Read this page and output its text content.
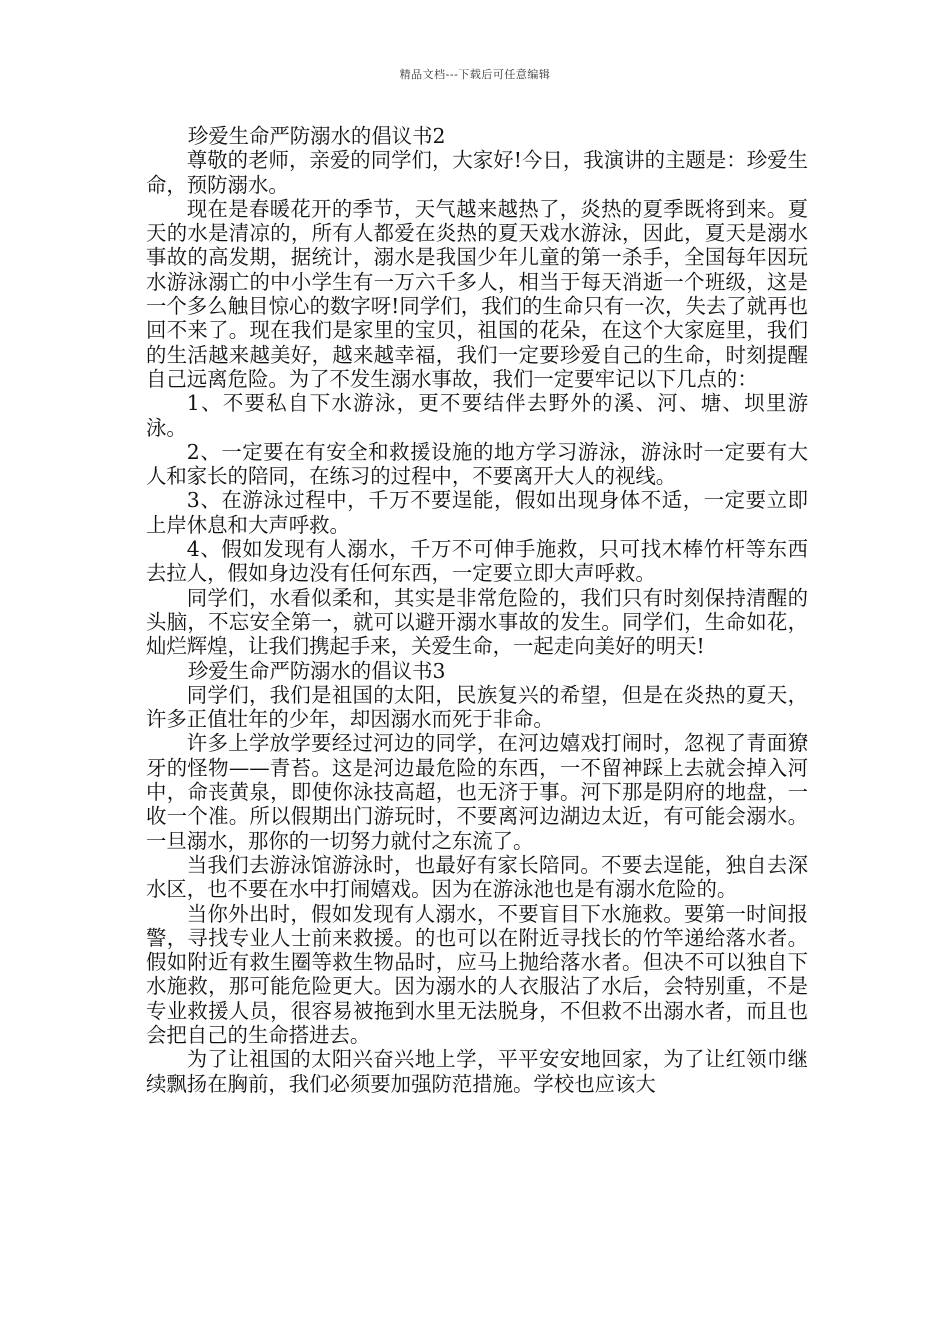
精品文档---下载后可任意编辑

珍爱生命严防溺水的倡议书2

尊敬的老师，亲爱的同学们，大家好!今日，我演讲的主题是：珍爱生命，预防溺水。

现在是春暖花开的季节，天气越来越热了，炎热的夏季既将到来。夏天的水是清凉的，所有人都爱在炎热的夏天戏水游泳，因此，夏天是溺水事故的高发期，据统计，溺水是我国少年儿童的第一杀手，全国每年因玩水游泳溺亡的中小学生有一万六千多人，相当于每天消逝一个班级，这是一个多么触目惊心的数字呀!同学们，我们的生命只有一次，失去了就再也回不来了。现在我们是家里的宝贝，祖国的花朵，在这个大家庭里，我们的生活越来越美好，越来越幸福，我们一定要珍爱自己的生命，时刻提醒自己远离危险。为了不发生溺水事故，我们一定要牢记以下几点的：

1、不要私自下水游泳，更不要结伴去野外的溪、河、塘、坝里游泳。

2、一定要在有安全和救援设施的地方学习游泳，游泳时一定要有大人和家长的陪同，在练习的过程中，不要离开大人的视线。

3、在游泳过程中，千万不要逞能，假如出现身体不适，一定要立即上岸休息和大声呼救。

4、假如发现有人溺水，千万不可伸手施救，只可找木棒竹杆等东西去拉人，假如身边没有任何东西，一定要立即大声呼救。

同学们，水看似柔和，其实是非常危险的，我们只有时刻保持清醒的头脑，不忘安全第一，就可以避开溺水事故的发生。同学们，生命如花，灿烂辉煌，让我们携起手来，关爱生命，一起走向美好的明天!

珍爱生命严防溺水的倡议书3

同学们，我们是祖国的太阳，民族复兴的希望，但是在炎热的夏天，许多正值壮年的少年，却因溺水而死于非命。

许多上学放学要经过河边的同学，在河边嬉戏打闹时，忽视了青面獠牙的怪物——青苔。这是河边最危险的东西，一不留神踩上去就会掉入河中，命丧黄泉，即使你泳技高超，也无济于事。河下那是阴府的地盘，一收一个准。所以假期出门游玩时，不要离河边湖边太近，有可能会溺水。一旦溺水，那你的一切努力就付之东流了。

当我们去游泳馆游泳时，也最好有家长陪同。不要去逞能，独自去深水区，也不要在水中打闹嬉戏。因为在游泳池也是有溺水危险的。

当你外出时，假如发现有人溺水，不要盲目下水施救。要第一时间报警，寻找专业人士前来救援。的也可以在附近寻找长的竹竿递给落水者。假如附近有救生圈等救生物品时，应马上抛给落水者。但决不可以独自下水施救，那可能危险更大。因为溺水的人衣服沾了水后，会特别重，不是专业救援人员，很容易被拖到水里无法脱身，不但救不出溺水者，而且也会把自己的生命搭进去。

为了让祖国的太阳兴奋兴地上学，平平安安地回家，为了让红领巾继续飘扬在胸前，我们必须要加强防范措施。学校也应该大
